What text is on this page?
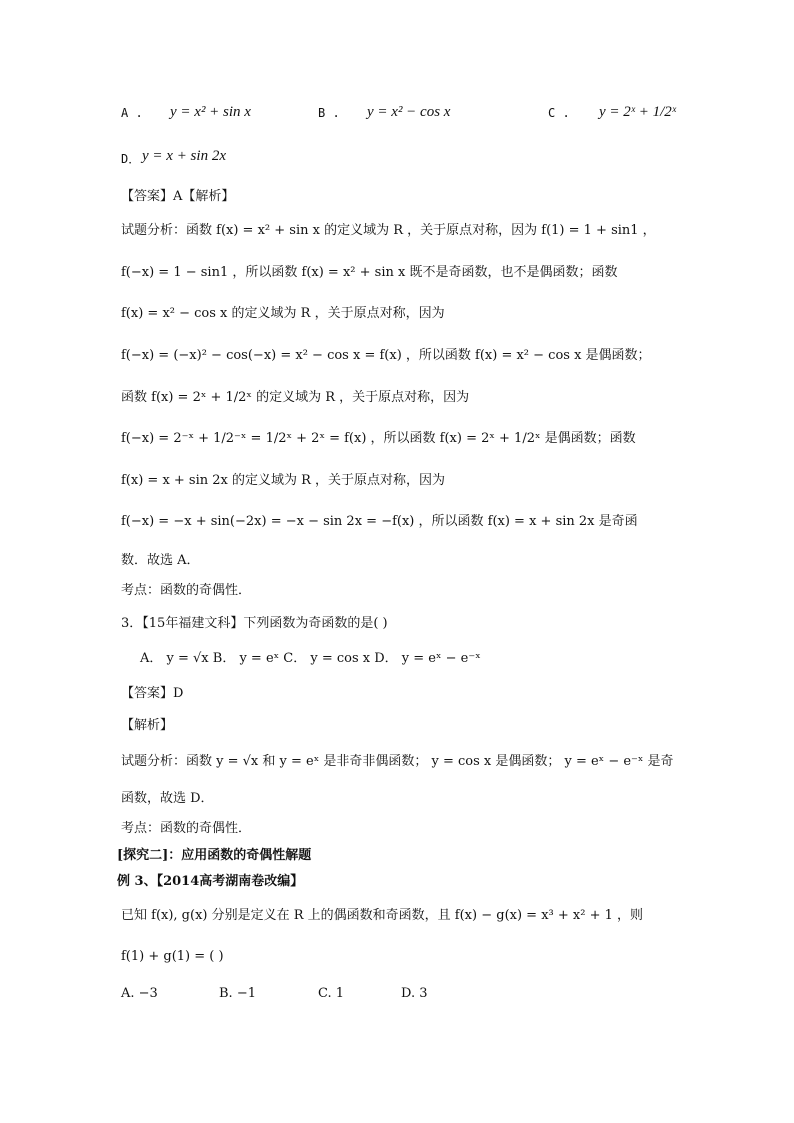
A . y = x² + sin x	B . y = x² − cos x	C . y = 2ˣ + 1/2ˣ
D． y = x + sin 2x
【答案】A【解析】
试题分析：函数 f(x) = x² + sin x 的定义域为 R ，关于原点对称，因为 f(1) = 1 + sin1 ，
f(−x) = 1 − sin1 ，所以函数 f(x) = x² + sin x 既不是奇函数，也不是偶函数；函数
f(x) = x² − cos x 的定义域为 R ，关于原点对称，因为
f(−x) = (−x)² − cos(−x) = x² − cos x = f(x) ，所以函数 f(x) = x² − cos x 是偶函数；
函数 f(x) = 2ˣ + 1/2ˣ 的定义域为 R ，关于原点对称，因为
f(−x) = 2⁻ˣ + 1/2⁻ˣ = 1/2ˣ + 2ˣ = f(x) ，所以函数 f(x) = 2ˣ + 1/2ˣ 是偶函数；函数
f(x) = x + sin 2x 的定义域为 R ，关于原点对称，因为
f(−x) = −x + sin(−2x) = −x − sin 2x = −f(x) ，所以函数 f(x) = x + sin 2x 是奇函
数．故选 A．
考点：函数的奇偶性．
3．【15年福建文科】下列函数为奇函数的是( )
A． y = √x B． y = eˣ C． y = cos x D． y = eˣ − e⁻ˣ
【答案】D
【解析】
试题分析：函数 y = √x 和 y = eˣ 是非奇非偶函数； y = cos x 是偶函数； y = eˣ − e⁻ˣ 是奇
函数，故选 D．
考点：函数的奇偶性．
[探究二]：应用函数的奇偶性解题
例 3、【2014高考湖南卷改编】
已知 f(x), g(x) 分别是定义在 R 上的偶函数和奇函数，且 f(x) − g(x) = x³ + x² + 1 ，则
f(1) + g(1) = ( )
A. −3	B. −1	C. 1	D. 3
